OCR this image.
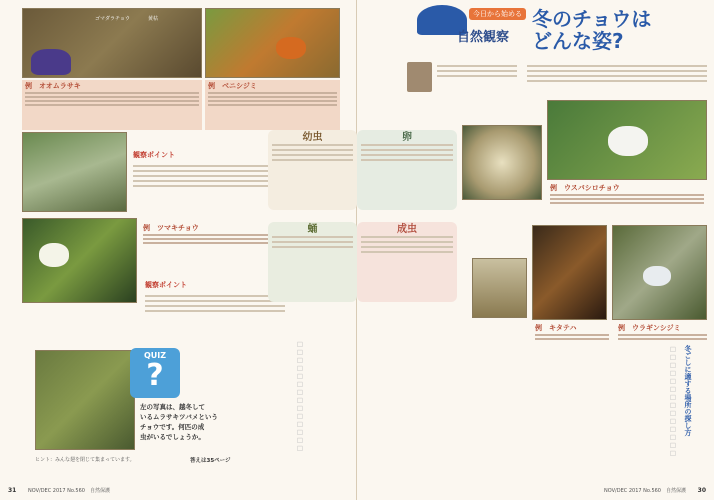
ゴマダラチョウ	黄枯
例　オオムラサキ	例　ベニシジミ
観察ポイント
例　ツマキチョウ
観察ポイント
幼虫
蛹
QUIZ
?
左の写真は、越冬して
いるムラサキツバメという
チョウです。何匹の成
虫がいるでしょうか。
ヒント：みんな翅を閉じて集まっています。	答えは35ページ
□□□□□□□□□□□□□□
31 NOV/DEC 2017 No.560　自然保護
今日から始める
自然観察
冬のチョウは
どんな姿?
卵
成虫
例　ウスバシロチョウ
例　キタテハ	例　ウラギンシジミ
冬ごしに適する場所の探し方
□□□□□□□□□□□□□□
NOV/DEC 2017 No.560　自然保護 30
